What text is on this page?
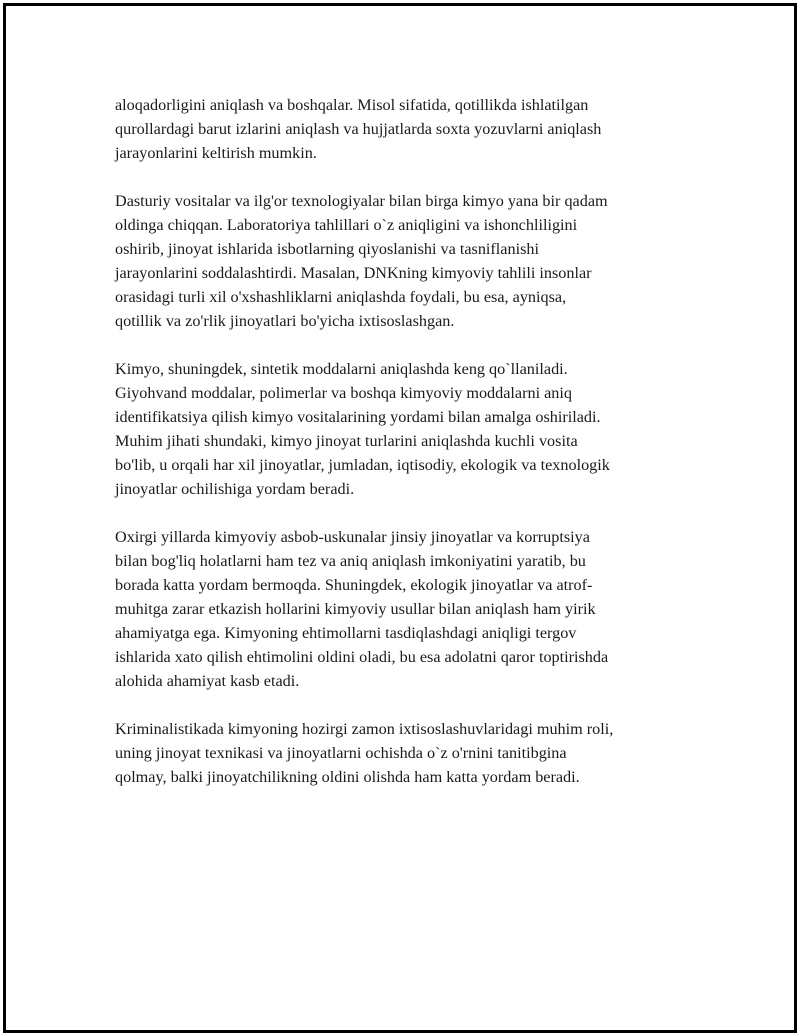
aloqadorligini aniqlash va boshqalar. Misol sifatida, qotillikda ishlatilgan
qurollardagi barut izlarini aniqlash va hujjatlarda soxta yozuvlarni aniqlash
jarayonlarini keltirish mumkin.

Dasturiy vositalar va ilg'or texnologiyalar bilan birga kimyo yana bir qadam
oldinga chiqqan. Laboratoriya tahlillari o`z aniqligini va ishonchliligini
oshirib, jinoyat ishlarida isbotlarning qiyoslanishi va tasniflanishi
jarayonlarini soddalashtirdi. Masalan, DNKning kimyoviy tahlili insonlar
orasidagi turli xil o'xshashliklarni aniqlashda foydali, bu esa, ayniqsa,
qotillik va zo'rlik jinoyatlari bo'yicha ixtisoslashgan.

Kimyo, shuningdek, sintetik moddalarni aniqlashda keng qo`llaniladi.
Giyohvand moddalar, polimerlar va boshqa kimyoviy moddalarni aniq
identifikatsiya qilish kimyo vositalarining yordami bilan amalga oshiriladi.
Muhim jihati shundaki, kimyo jinoyat turlarini aniqlashda kuchli vosita
bo'lib, u orqali har xil jinoyatlar, jumladan, iqtisodiy, ekologik va texnologik
jinoyatlar ochilishiga yordam beradi.

Oxirgi yillarda kimyoviy asbob-uskunalar jinsiy jinoyatlar va korruptsiya
bilan bog'liq holatlarni ham tez va aniq aniqlash imkoniyatini yaratib, bu
borada katta yordam bermoqda. Shuningdek, ekologik jinoyatlar va atrof-
muhitga zarar etkazish hollarini kimyoviy usullar bilan aniqlash ham yirik
ahamiyatga ega. Kimyoning ehtimollarni tasdiqlashdagi aniqligi tergov
ishlarida xato qilish ehtimolini oldini oladi, bu esa adolatni qaror toptirishda
alohida ahamiyat kasb etadi.

Kriminalistikada kimyoning hozirgi zamon ixtisoslashuvlaridagi muhim roli,
uning jinoyat texnikasi va jinoyatlarni ochishda o`z o'rnini tanitibgina
qolmay, balki jinoyatchilikning oldini olishda ham katta yordam beradi.
